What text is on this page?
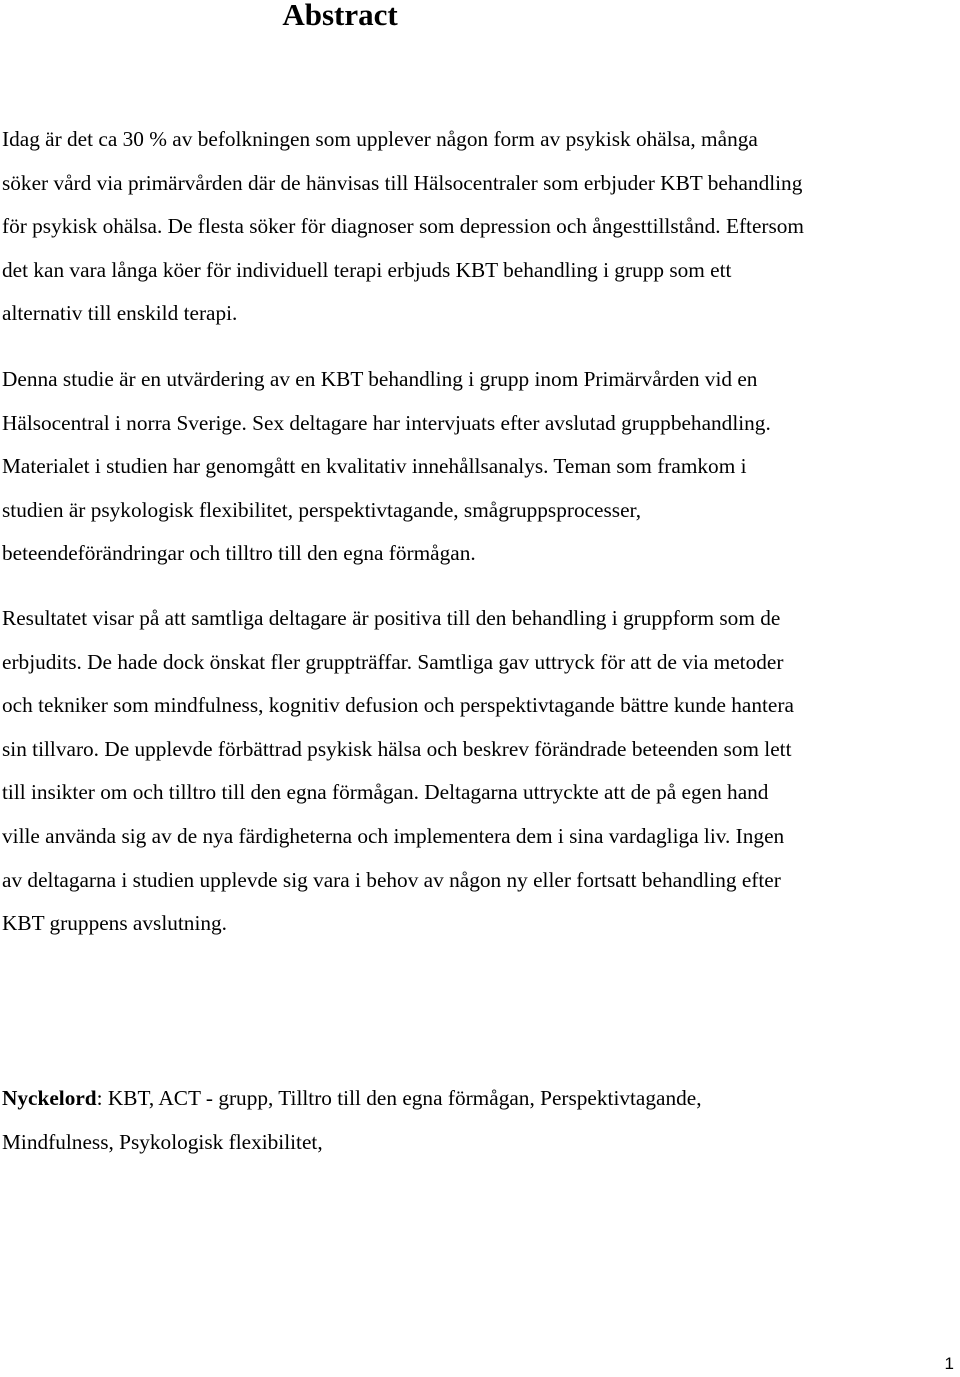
Abstract
Idag är det ca 30 % av befolkningen som upplever någon form av psykisk ohälsa, många
söker vård via primärvården där de hänvisas till Hälsocentraler som erbjuder KBT behandling
för psykisk ohälsa. De flesta söker för diagnoser som depression och ångesttillstånd. Eftersom
det kan vara långa köer för individuell terapi erbjuds KBT behandling i grupp som ett
alternativ till enskild terapi.
Denna studie är en utvärdering av en KBT behandling i grupp inom Primärvården vid en
Hälsocentral i norra Sverige. Sex deltagare har intervjuats efter avslutad gruppbehandling.
Materialet i studien har genomgått en kvalitativ innehållsanalys. Teman som framkom i
studien är psykologisk flexibilitet, perspektivtagande, smågruppsprocesser,
beteendeförändringar och tilltro till den egna förmågan.
Resultatet visar på att samtliga deltagare är positiva till den behandling i gruppform som de
erbjudits. De hade dock önskat fler gruppträffar. Samtliga gav uttryck för att de via metoder
och tekniker som mindfulness, kognitiv defusion och perspektivtagande bättre kunde hantera
sin tillvaro. De upplevde förbättrad psykisk hälsa och beskrev förändrade beteenden som lett
till insikter om och tilltro till den egna förmågan. Deltagarna uttryckte att de på egen hand
ville använda sig av de nya färdigheterna och implementera dem i sina vardagliga liv. Ingen
av deltagarna i studien upplevde sig vara i behov av någon ny eller fortsatt behandling efter
KBT gruppens avslutning.
Nyckelord: KBT, ACT - grupp, Tilltro till den egna förmågan, Perspektivtagande,
Mindfulness, Psykologisk flexibilitet,
1
